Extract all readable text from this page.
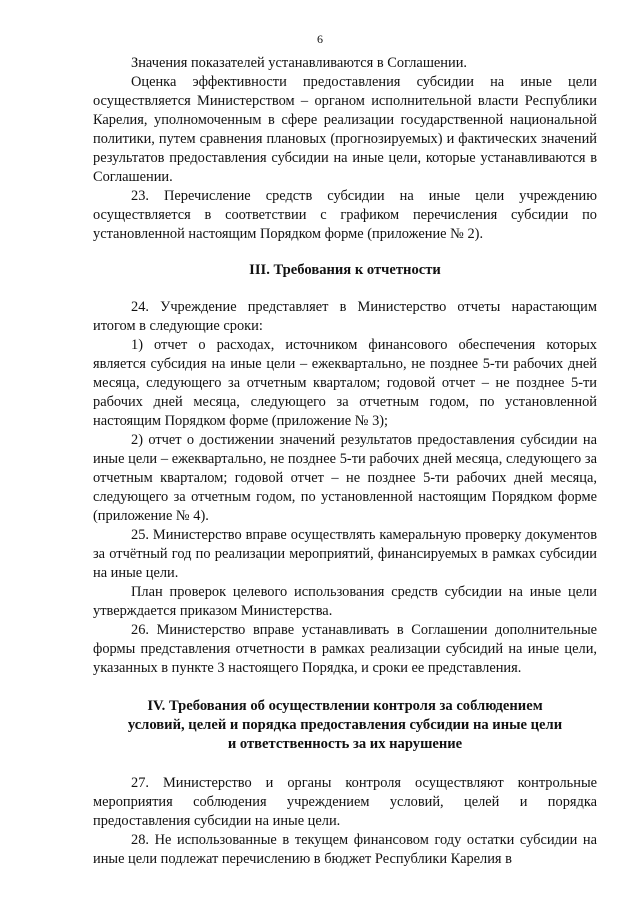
6

Значения показателей устанавливаются в Соглашении.

Оценка эффективности предоставления субсидии на иные цели осуществляется Министерством – органом исполнительной власти Республики Карелия, уполномоченным в сфере реализации государственной национальной политики, путем сравнения плановых (прогнозируемых) и фактических значений результатов предоставления субсидии на иные цели, которые устанавливаются в Соглашении.

23. Перечисление средств субсидии на иные цели учреждению осуществляется в соответствии с графиком перечисления субсидии по установленной настоящим Порядком форме (приложение № 2).

III. Требования к отчетности

24. Учреждение представляет в Министерство отчеты нарастающим итогом в следующие сроки:

1) отчет о расходах, источником финансового обеспечения которых является субсидия на иные цели – ежеквартально, не позднее 5-ти рабочих дней месяца, следующего за отчетным кварталом; годовой отчет – не позднее 5-ти рабочих дней месяца, следующего за отчетным годом, по установленной настоящим Порядком форме (приложение № 3);

2) отчет о достижении значений результатов предоставления субсидии на иные цели – ежеквартально, не позднее 5-ти рабочих дней месяца, следующего за отчетным кварталом; годовой отчет – не позднее 5-ти рабочих дней месяца, следующего за отчетным годом, по установленной настоящим Порядком форме (приложение № 4).

25. Министерство вправе осуществлять камеральную проверку документов за отчётный год по реализации мероприятий, финансируемых в рамках субсидии на иные цели.

План проверок целевого использования средств субсидии на иные цели утверждается приказом Министерства.

26. Министерство вправе устанавливать в Соглашении дополнительные формы представления отчетности в рамках реализации субсидий на иные цели, указанных в пункте 3 настоящего Порядка, и сроки ее представления.

IV. Требования об осуществлении контроля за соблюдением
условий, целей и порядка предоставления субсидии на иные цели
и ответственность за их нарушение

27. Министерство и органы контроля осуществляют контрольные мероприятия соблюдения учреждением условий, целей и порядка предоставления субсидии на иные цели.

28. Не использованные в текущем финансовом году остатки субсидии на иные цели подлежат перечислению в бюджет Республики Карелия в
